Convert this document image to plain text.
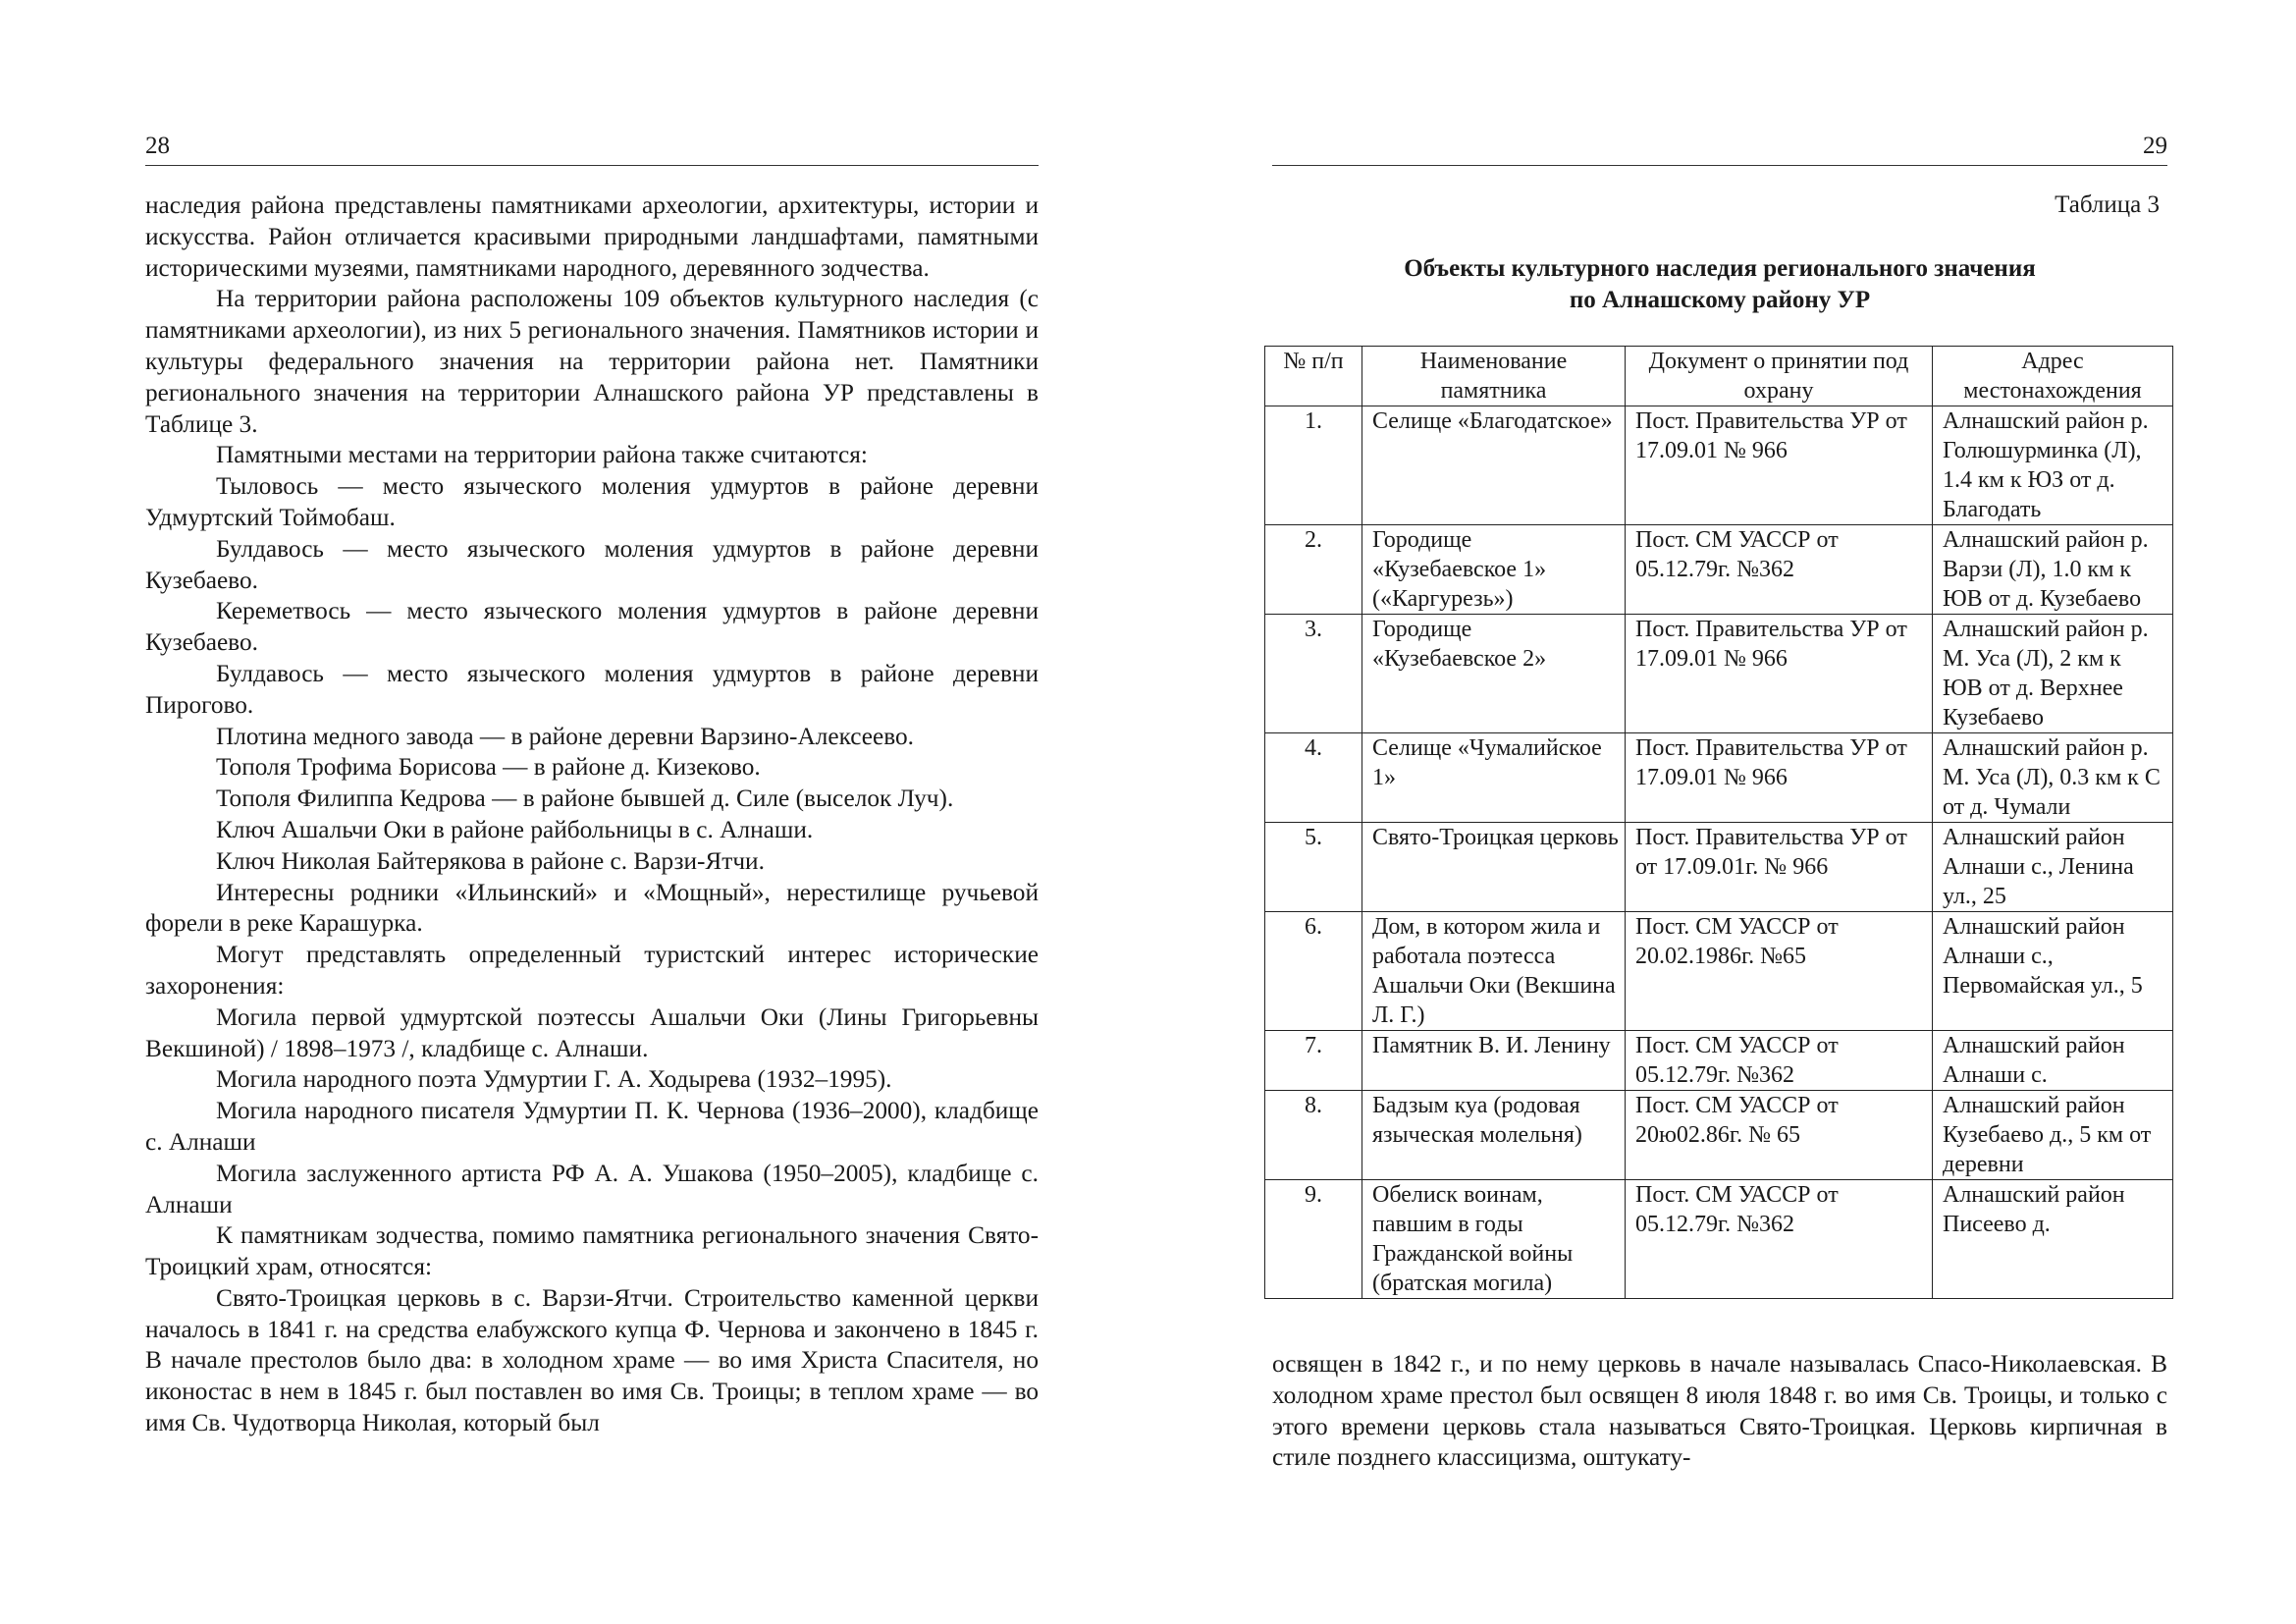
28

наследия района представлены памятниками археологии, архитектуры, истории и искусства. Район отличается красивыми природными ландшафтами, памятными историческими музеями, памятниками народного, деревянного зодчества.

На территории района расположены 109 объектов культурного наследия (с памятниками археологии), из них 5 регионального значения. Памятников истории и культуры федерального значения на территории района нет. Памятники регионального значения на территории Алнашского района УР представлены в Таблице 3.

Памятными местами на территории района также считаются:

Тыловось — место языческого моления удмуртов в районе деревни Удмуртский Тоймобаш.

Булдавось — место языческого моления удмуртов в районе деревни Кузебаево.

Кереметвось — место языческого моления удмуртов в районе деревни Кузебаево.

Булдавось — место языческого моления удмуртов в районе деревни Пирогово.

Плотина медного завода — в районе деревни Варзино-Алексеево.

Тополя Трофима Борисова — в районе д. Кизеково.

Тополя Филиппа Кедрова — в районе бывшей д. Силе (выселок Луч).

Ключ Ашальчи Оки в районе райбольницы в с. Алнаши.

Ключ Николая Байтерякова в районе с. Варзи-Ятчи.

Интересны родники «Ильинский» и «Мощный», нерестилище ручьевой форели в реке Карашурка.

Могут представлять определенный туристский интерес исторические захоронения:

Могила первой удмуртской поэтессы Ашальчи Оки (Лины Григорьевны Векшиной) / 1898–1973 /, кладбище с. Алнаши.

Могила народного поэта Удмуртии Г. А. Ходырева (1932–1995).

Могила народного писателя Удмуртии П. К. Чернова (1936–2000), кладбище с. Алнаши

Могила заслуженного артиста РФ А. А. Ушакова (1950–2005), кладбище с. Алнаши

К памятникам зодчества, помимо памятника регионального значения Свято-Троицкий храм, относятся:

Свято-Троицкая церковь в с. Варзи-Ятчи. Строительство каменной церкви началось в 1841 г. на средства елабужского купца Ф. Чернова и закончено в 1845 г. В начале престолов было два: в холодном храме — во имя Христа Спасителя, но иконостас в нем в 1845 г. был поставлен во имя Св. Троицы; в теплом храме — во имя Св. Чудотворца Николая, который был

29
Таблица 3
Объекты культурного наследия регионального значения
по Алнашскому району УР
№ п/п	Наименование памятника	Документ о принятии под охрану	Адрес местонахождения
1.	Селище «Благодатское»	Пост. Правительства УР от 17.09.01 № 966	Алнашский район р. Голюшурминка (Л), 1.4 км к ЮЗ от д. Благодать
2.	Городище «Кузебаевское 1» («Каргурезь»)	Пост. СМ УАССР от 05.12.79г. №362	Алнашский район р. Варзи (Л), 1.0 км к ЮВ от д. Кузебаево
3.	Городище «Кузебаевское 2»	Пост. Правительства УР от 17.09.01 № 966	Алнашский район р. М. Уса (Л), 2 км к ЮВ от д. Верхнее Кузебаево
4.	Селище «Чумалийское 1»	Пост. Правительства УР от 17.09.01 № 966	Алнашский район р. М. Уса (Л), 0.3 км к С от д. Чумали
5.	Свято-Троицкая церковь	Пост. Правительства УР от от 17.09.01г. № 966	Алнашский район Алнаши с., Ленина ул., 25
6.	Дом, в котором жила и работала поэтесса Ашальчи Оки (Векшина Л. Г.)	Пост. СМ УАССР от 20.02.1986г. №65	Алнашский район Алнаши с., Первомайская ул., 5
7.	Памятник В. И. Ленину	Пост. СМ УАССР от 05.12.79г. №362	Алнашский район Алнаши с.
8.	Бадзым куа (родовая языческая молельня)	Пост. СМ УАССР от 20ю02.86г. № 65	Алнашский район Кузебаево д., 5 км от деревни
9.	Обелиск воинам, павшим в годы Гражданской войны (братская могила)	Пост. СМ УАССР от 05.12.79г. №362	Алнашский район Писеево д.

освящен в 1842 г., и по нему церковь в начале называлась Спасо-Николаевская. В холодном храме престол был освящен 8 июля 1848 г. во имя Св. Троицы, и только с этого времени церковь стала называться Свято-Троицкая. Церковь кирпичная в стиле позднего классицизма, оштукату-
